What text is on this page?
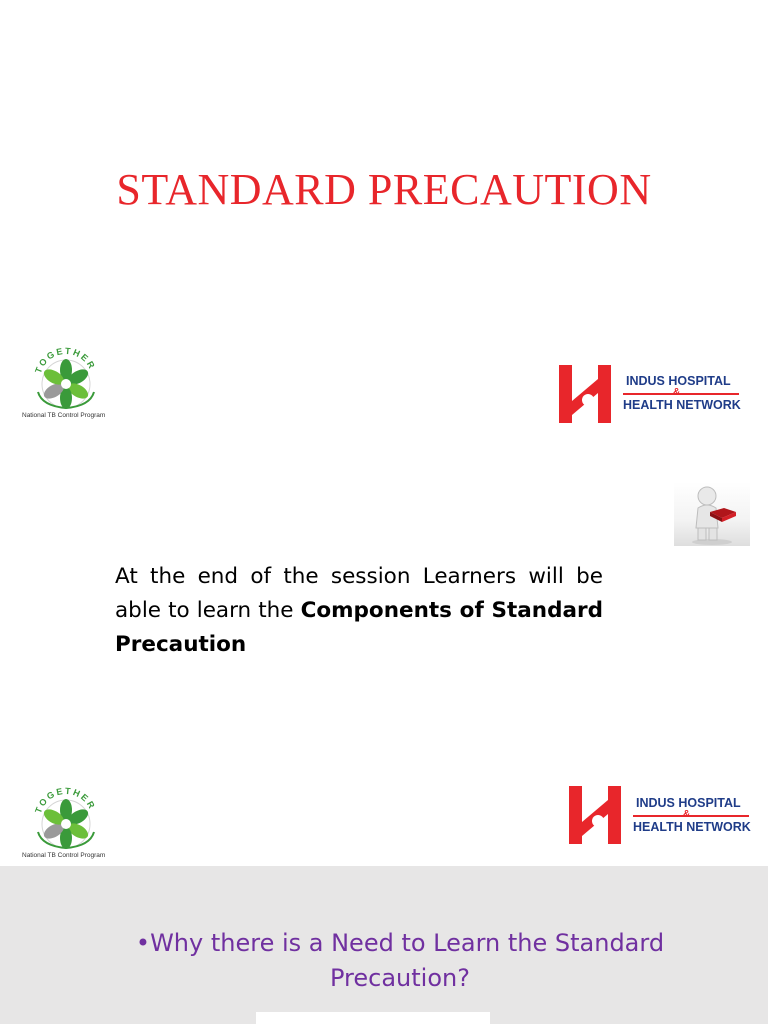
STANDARD PRECAUTION
TOGETHER
National TB Control Program
INDUS HOSPITAL
&
HEALTH NETWORK
At the end of the session Learners will be able to learn the Components of Standard Precaution
TOGETHER
National TB Control Program
INDUS HOSPITAL
&
HEALTH NETWORK
•Why there is a Need to Learn the Standard Precaution?
